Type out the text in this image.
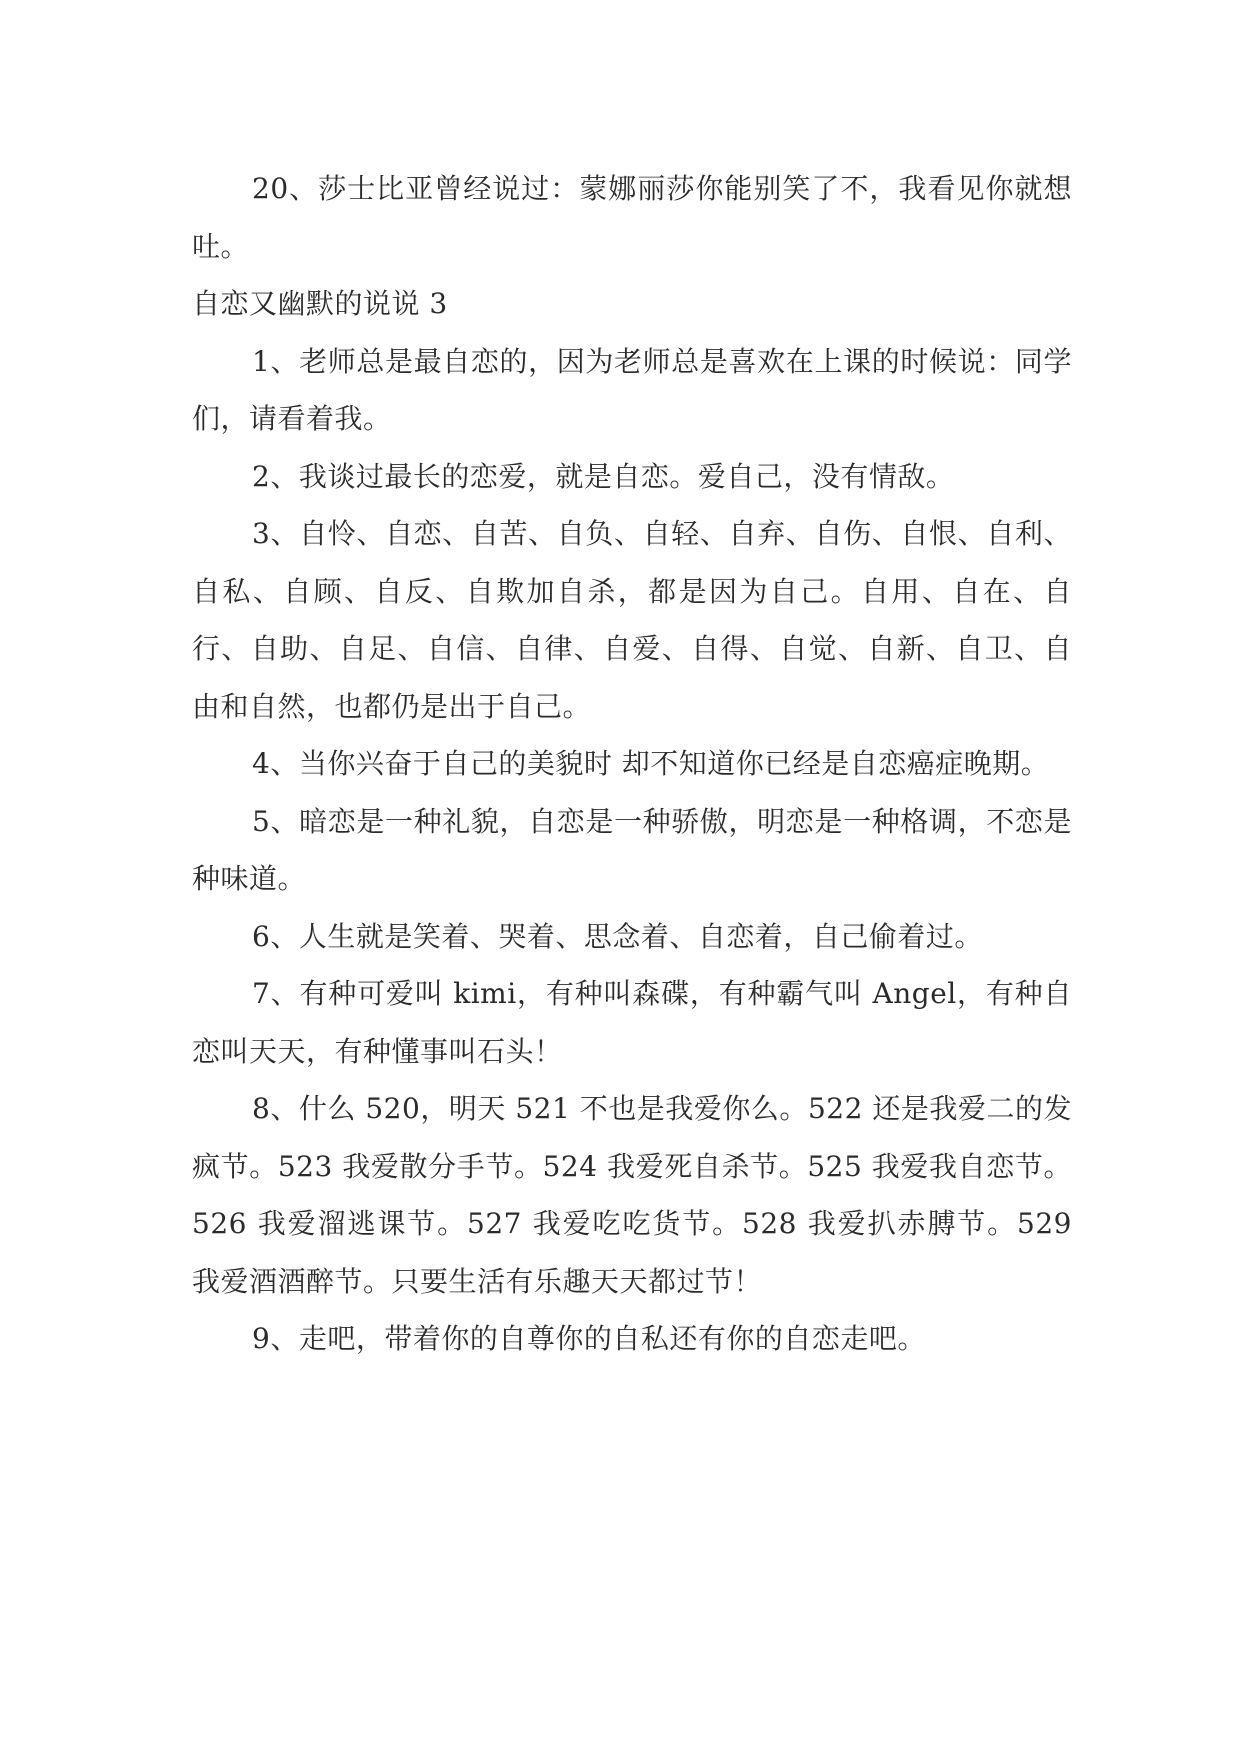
20、莎士比亚曾经说过：蒙娜丽莎你能别笑了不，我看见你就想吐。

自恋又幽默的说说 3

1、老师总是最自恋的，因为老师总是喜欢在上课的时候说：同学们，请看着我。

2、我谈过最长的恋爱，就是自恋。爱自己，没有情敌。

3、自怜、自恋、自苦、自负、自轻、自弃、自伤、自恨、自利、自私、自顾、自反、自欺加自杀，都是因为自己。自用、自在、自行、自助、自足、自信、自律、自爱、自得、自觉、自新、自卫、自由和自然，也都仍是出于自己。

4、当你兴奋于自己的美貌时 却不知道你已经是自恋癌症晚期。

5、暗恋是一种礼貌，自恋是一种骄傲，明恋是一种格调，不恋是种味道。

6、人生就是笑着、哭着、思念着、自恋着，自己偷着过。

7、有种可爱叫 kimi，有种叫森碟，有种霸气叫 Angel，有种自恋叫天天，有种懂事叫石头！

8、什么 520，明天 521 不也是我爱你么。522 还是我爱二的发疯节。523 我爱散分手节。524 我爱死自杀节。525 我爱我自恋节。526 我爱溜逃课节。527 我爱吃吃货节。528 我爱扒赤膊节。529 我爱酒酒醉节。只要生活有乐趣天天都过节！

9、走吧，带着你的自尊你的自私还有你的自恋走吧。
